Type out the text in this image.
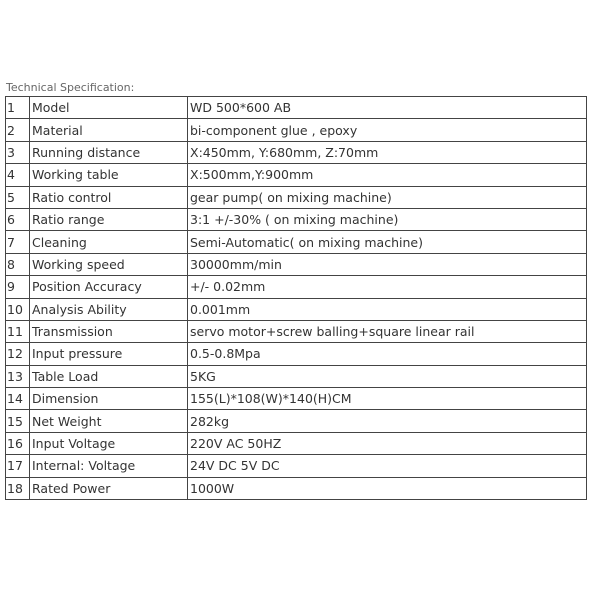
Technical Specification:
1	Model	WD 500*600 AB
2	Material	bi-component glue , epoxy
3	Running distance	X:450mm, Y:680mm, Z:70mm
4	Working table	X:500mm,Y:900mm
5	Ratio control	gear pump( on mixing machine)
6	Ratio range	3:1 +/-30% ( on mixing machine)
7	Cleaning	Semi-Automatic( on mixing machine)
8	Working speed	30000mm/min
9	Position Accuracy	+/- 0.02mm
10	Analysis Ability	0.001mm
11	Transmission	servo motor+screw balling+square linear rail
12	Input pressure	0.5-0.8Mpa
13	Table Load	5KG
14	Dimension	155(L)*108(W)*140(H)CM
15	Net Weight	282kg
16	Input Voltage	220V AC 50HZ
17	Internal: Voltage	24V DC 5V DC
18	Rated Power	1000W
